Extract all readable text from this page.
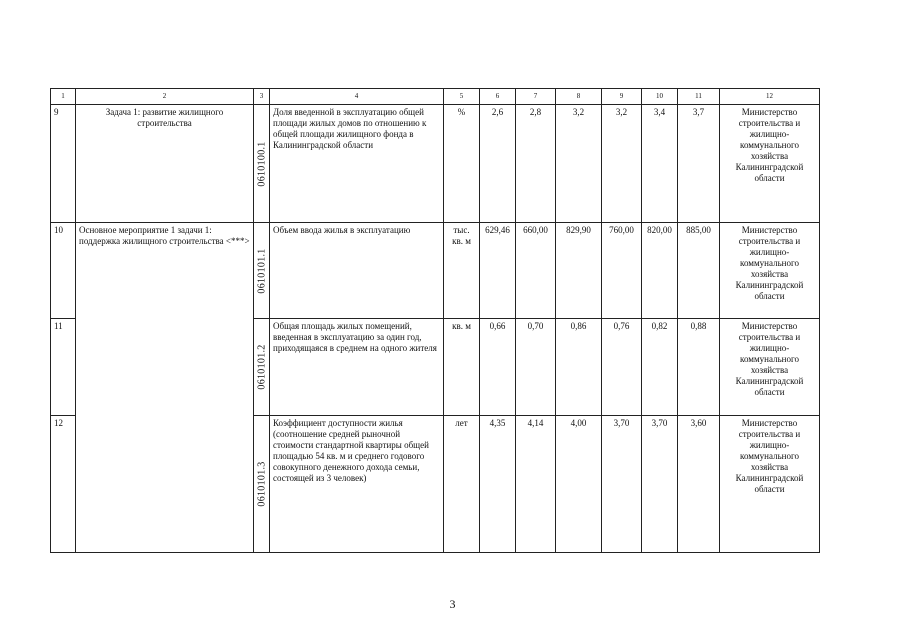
1	2	3	4	5	6	7	8	9	10	11	12
9	Задача 1: развитие жилищного строительства	0610100.1	Доля введенной в эксплуатацию общей площади жилых домов по отношению к общей площади жилищного фонда в Калининградской области	%	2,6	2,8	3,2	3,2	3,4	3,7	Министерство строительства и жилищно-коммунального хозяйства Калининградской области
10	Основное мероприятие 1 задачи 1: поддержка жилищного строительства <***>	0610101.1	Объем ввода жилья в эксплуатацию	тыс. кв. м	629,46	660,00	829,90	760,00	820,00	885,00	Министерство строительства и жилищно-коммунального хозяйства Калининградской области
11		0610101.2	Общая площадь жилых помещений, введенная в эксплуатацию за один год, приходящаяся в среднем на одного жителя	кв. м	0,66	0,70	0,86	0,76	0,82	0,88	Министерство строительства и жилищно-коммунального хозяйства Калининградской области
12		0610101.3	Коэффициент доступности жилья (соотношение средней рыночной стоимости стандартной квартиры общей площадью 54 кв. м и среднего годового совокупного денежного дохода семьи, состоящей из 3 человек)	лет	4,35	4,14	4,00	3,70	3,70	3,60	Министерство строительства и жилищно-коммунального хозяйства Калининградской области
3
